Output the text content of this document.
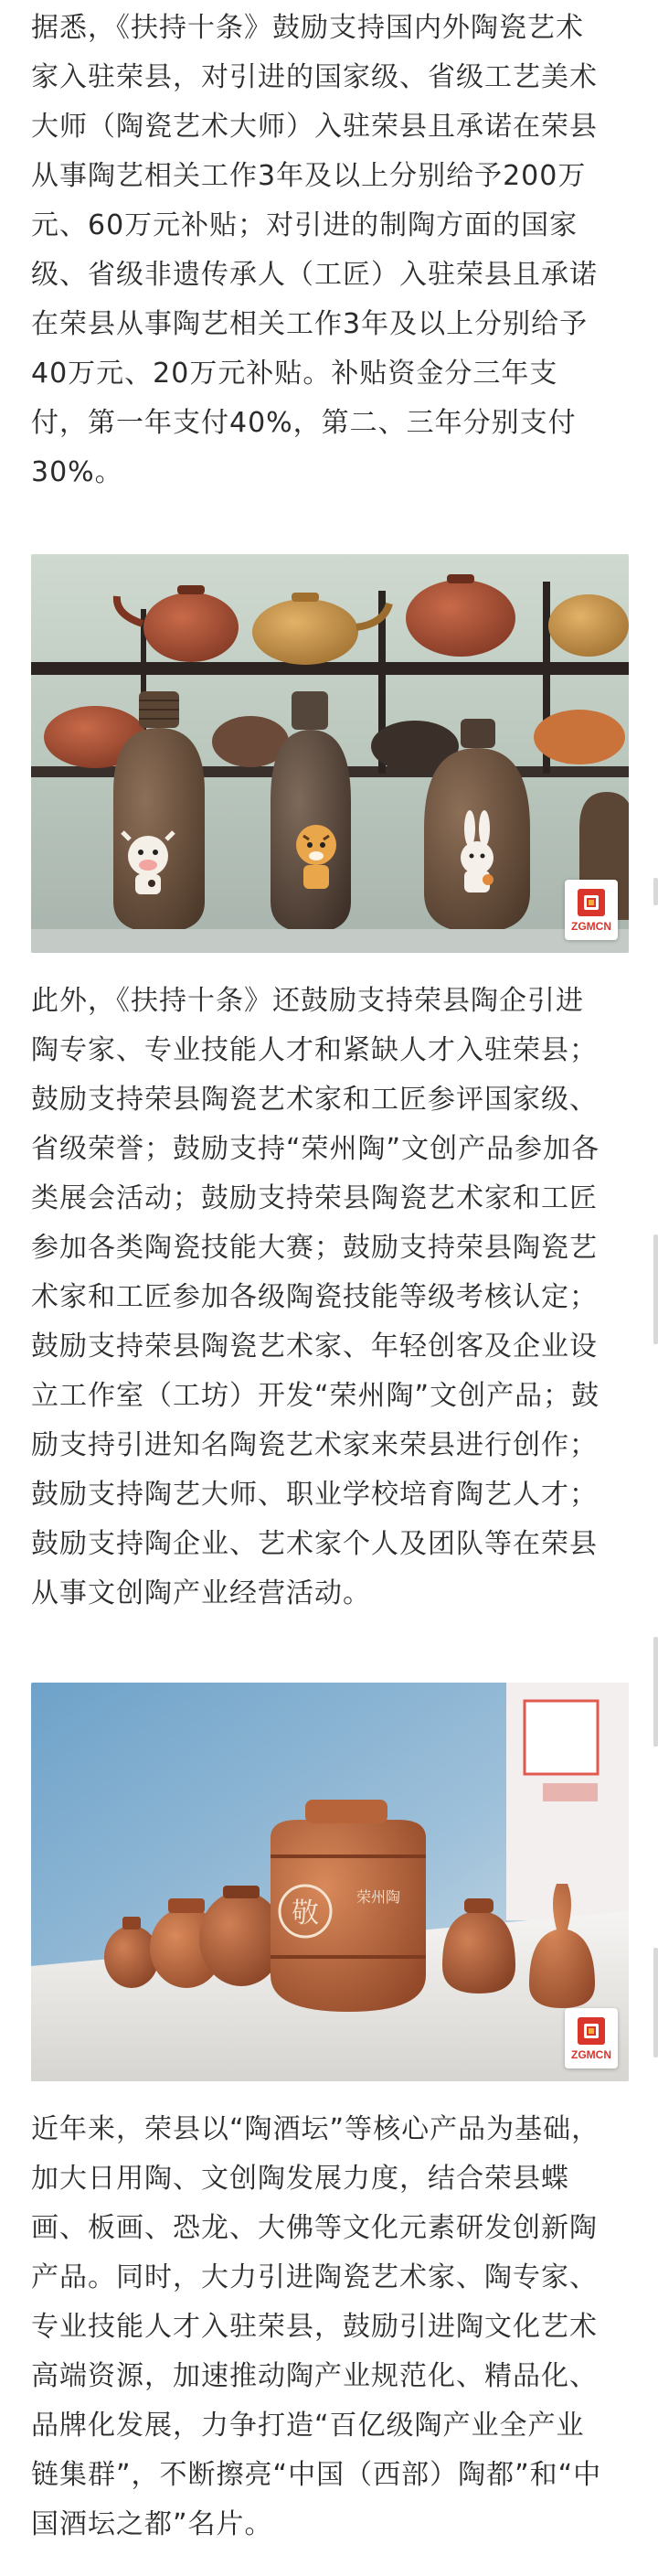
据悉，《扶持十条》鼓励支持国内外陶瓷艺术
家入驻荣县，对引进的国家级、省级工艺美术
大师（陶瓷艺术大师）入驻荣县且承诺在荣县
从事陶艺相关工作3年及以上分别给予200万
元、60万元补贴；对引进的制陶方面的国家
级、省级非遗传承人（工匠）入驻荣县且承诺
在荣县从事陶艺相关工作3年及以上分别给予
40万元、20万元补贴。补贴资金分三年支
付，第一年支付40%，第二、三年分别支付
30%。

ZGMCN

此外，《扶持十条》还鼓励支持荣县陶企引进
陶专家、专业技能人才和紧缺人才入驻荣县；
鼓励支持荣县陶瓷艺术家和工匠参评国家级、
省级荣誉；鼓励支持“荣州陶”文创产品参加各
类展会活动；鼓励支持荣县陶瓷艺术家和工匠
参加各类陶瓷技能大赛；鼓励支持荣县陶瓷艺
术家和工匠参加各级陶瓷技能等级考核认定；
鼓励支持荣县陶瓷艺术家、年轻创客及企业设
立工作室（工坊）开发“荣州陶”文创产品；鼓
励支持引进知名陶瓷艺术家来荣县进行创作；
鼓励支持陶艺大师、职业学校培育陶艺人才；
鼓励支持陶企业、艺术家个人及团队等在荣县
从事文创陶产业经营活动。

敬
荣州陶
ZGMCN

近年来，荣县以“陶酒坛”等核心产品为基础，
加大日用陶、文创陶发展力度，结合荣县蝶
画、板画、恐龙、大佛等文化元素研发创新陶
产品。同时，大力引进陶瓷艺术家、陶专家、
专业技能人才入驻荣县，鼓励引进陶文化艺术
高端资源，加速推动陶产业规范化、精品化、
品牌化发展，力争打造“百亿级陶产业全产业
链集群”，不断擦亮“中国（西部）陶都”和“中
国酒坛之都”名片。
